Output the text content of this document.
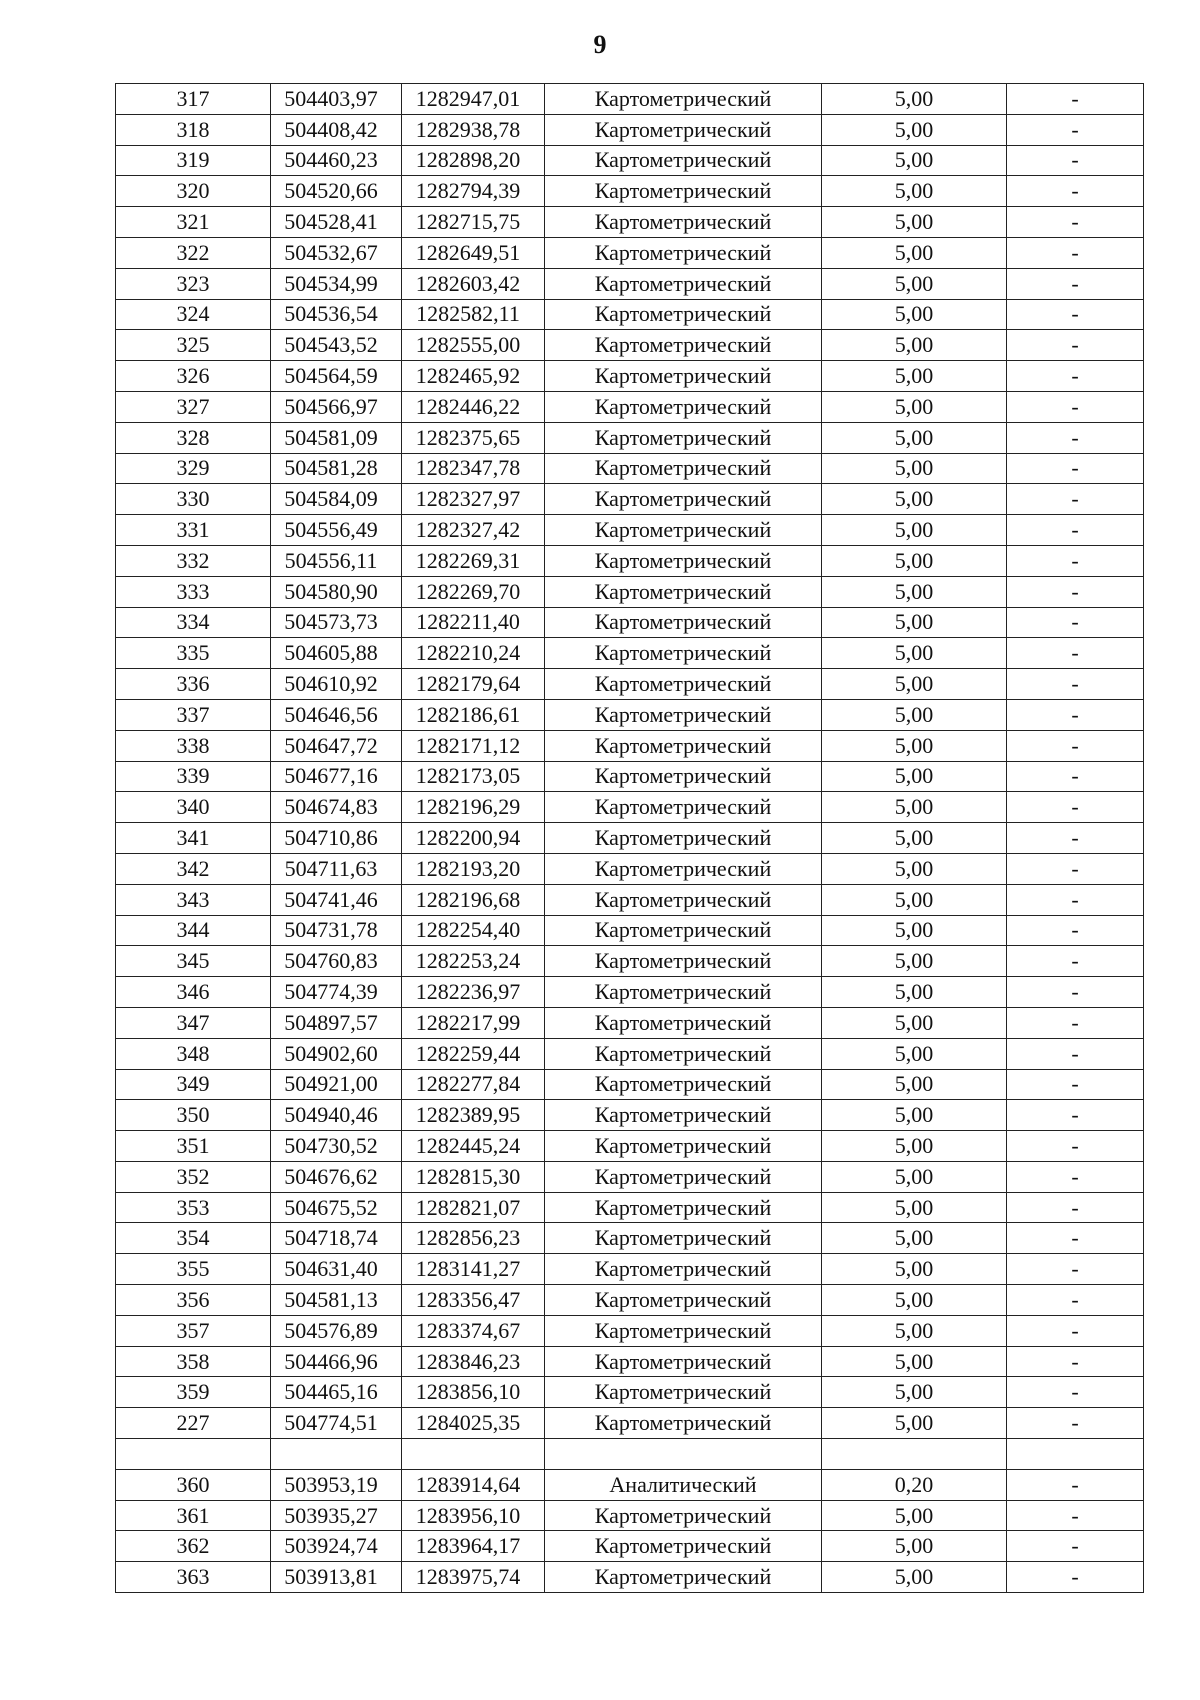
9
317	504403,97	1282947,01	Картометрический	5,00	-
318	504408,42	1282938,78	Картометрический	5,00	-
319	504460,23	1282898,20	Картометрический	5,00	-
320	504520,66	1282794,39	Картометрический	5,00	-
321	504528,41	1282715,75	Картометрический	5,00	-
322	504532,67	1282649,51	Картометрический	5,00	-
323	504534,99	1282603,42	Картометрический	5,00	-
324	504536,54	1282582,11	Картометрический	5,00	-
325	504543,52	1282555,00	Картометрический	5,00	-
326	504564,59	1282465,92	Картометрический	5,00	-
327	504566,97	1282446,22	Картометрический	5,00	-
328	504581,09	1282375,65	Картометрический	5,00	-
329	504581,28	1282347,78	Картометрический	5,00	-
330	504584,09	1282327,97	Картометрический	5,00	-
331	504556,49	1282327,42	Картометрический	5,00	-
332	504556,11	1282269,31	Картометрический	5,00	-
333	504580,90	1282269,70	Картометрический	5,00	-
334	504573,73	1282211,40	Картометрический	5,00	-
335	504605,88	1282210,24	Картометрический	5,00	-
336	504610,92	1282179,64	Картометрический	5,00	-
337	504646,56	1282186,61	Картометрический	5,00	-
338	504647,72	1282171,12	Картометрический	5,00	-
339	504677,16	1282173,05	Картометрический	5,00	-
340	504674,83	1282196,29	Картометрический	5,00	-
341	504710,86	1282200,94	Картометрический	5,00	-
342	504711,63	1282193,20	Картометрический	5,00	-
343	504741,46	1282196,68	Картометрический	5,00	-
344	504731,78	1282254,40	Картометрический	5,00	-
345	504760,83	1282253,24	Картометрический	5,00	-
346	504774,39	1282236,97	Картометрический	5,00	-
347	504897,57	1282217,99	Картометрический	5,00	-
348	504902,60	1282259,44	Картометрический	5,00	-
349	504921,00	1282277,84	Картометрический	5,00	-
350	504940,46	1282389,95	Картометрический	5,00	-
351	504730,52	1282445,24	Картометрический	5,00	-
352	504676,62	1282815,30	Картометрический	5,00	-
353	504675,52	1282821,07	Картометрический	5,00	-
354	504718,74	1282856,23	Картометрический	5,00	-
355	504631,40	1283141,27	Картометрический	5,00	-
356	504581,13	1283356,47	Картометрический	5,00	-
357	504576,89	1283374,67	Картометрический	5,00	-
358	504466,96	1283846,23	Картометрический	5,00	-
359	504465,16	1283856,10	Картометрический	5,00	-
227	504774,51	1284025,35	Картометрический	5,00	-

360	503953,19	1283914,64	Аналитический	0,20	-
361	503935,27	1283956,10	Картометрический	5,00	-
362	503924,74	1283964,17	Картометрический	5,00	-
363	503913,81	1283975,74	Картометрический	5,00	-
